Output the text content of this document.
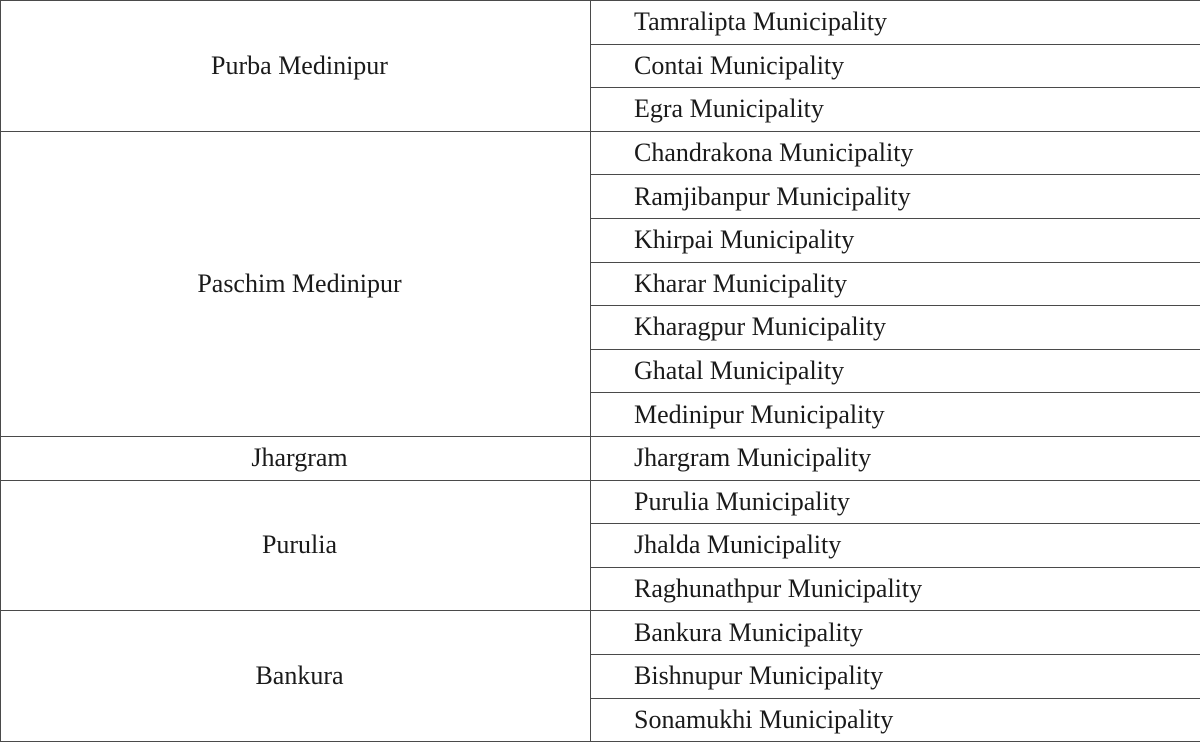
Purba Medinipur	Tamralipta Municipality
	Contai Municipality
	Egra Municipality
Paschim Medinipur	Chandrakona Municipality
	Ramjibanpur Municipality
	Khirpai Municipality
	Kharar Municipality
	Kharagpur Municipality
	Ghatal Municipality
	Medinipur Municipality
Jhargram	Jhargram Municipality
Purulia	Purulia Municipality
	Jhalda Municipality
	Raghunathpur Municipality
Bankura	Bankura Municipality
	Bishnupur Municipality
	Sonamukhi Municipality
